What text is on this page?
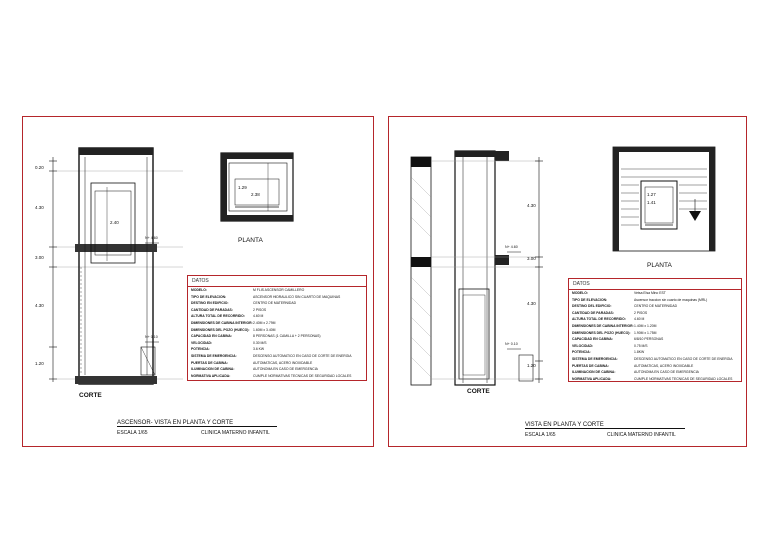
0.20
4.30
2.40
3.00
4.30
1.20
N+ 4.60
N+ 0.10
1.29
2.38
PLANTA
CORTE
DATOS
MODELO:	M FLIS ASCENSOR CAMILLERO
TIPO DE ELEVACION:	ASCENSOR HIDRAULICO SIN CUARTO DE MAQUINAS
DESTINO EN EDIFICIO:	CENTRO DE MATERNIDAD
CANTIDAD DE PARADAS:	2 PISOS
ALTURA TOTAL DE RECORRIDO:	4.60 M
DIMENSIONES DE CABINA INTERIOR: 2.40M x 2.79M
DIMENSIONES DEL POZO (HUECO):	1.60M x 3.40M
CAPACIDAD EN CABINA:	8 PERSONAS (1 CAMILLA + 2 PERSONAS)
VELOCIDAD:	0.30 M/S
POTENCIA:	3.6 KW
SISTEMA DE EMERGENCIA:	DESCENSO AUTOMATICO EN CASO DE CORTE DE ENERGIA
PUERTAS DE CABINA:	AUTOMATICAS, ACERO INOXIDABLE
ILUMINACION DE CABINA:	AUTONOMA EN CASO DE EMERGENCIA
NORMATIVA APLICADA:	CUMPLE NORMATIVAS TECNICAS DE SEGURIDAD LOCALES
ASCENSOR- VISTA EN PLANTA Y CORTE
ESCALA 1/65	CLINICA MATERNO INFANTIL
4.30
3.00
4.30
1.20
N+ 4.60
N+ 0.10
1.27
1.41
PLANTA
CORTE
DATOS
MODELO:	Vetsa Elsa Mino EST
TIPO DE ELEVACION:	Ascensor traccion sin cuarto de maquinas (MRL)
DESTINO DEL EDIFICIO:	CENTRO DE MATERNIDAD
CANTIDAD DE PARADAS:	2 PISOS
ALTURA TOTAL DE RECORRIDO:	4.60 M
DIMENSIONES DE CABINA INTERIOR: 1.40M x 1.20M
DIMENSIONES DEL POZO (HUECO):	1.90M x 1.75M
CAPACIDAD EN CABINA:	6/8/10 PERSONAS
VELOCIDAD:	0.75 M/S
POTENCIA:	1.8KW
SISTEMA DE EMERGENCIA:	DESCENSO AUTOMATICO EN CASO DE CORTE DE ENERGIA
PUERTAS DE CABINA:	AUTOMATICAS, ACERO INOXIDABLE
ILUMINACION DE CABINA:	AUTONOMA EN CASO DE EMERGENCIA
NORMATIVA APLICADA:	CUMPLE NORMATIVAS TECNICAS DE SEGURIDAD LOCALES
VISTA EN PLANTA Y CORTE
ESCALA 1/65	CLINICA MATERNO INFANTIL
